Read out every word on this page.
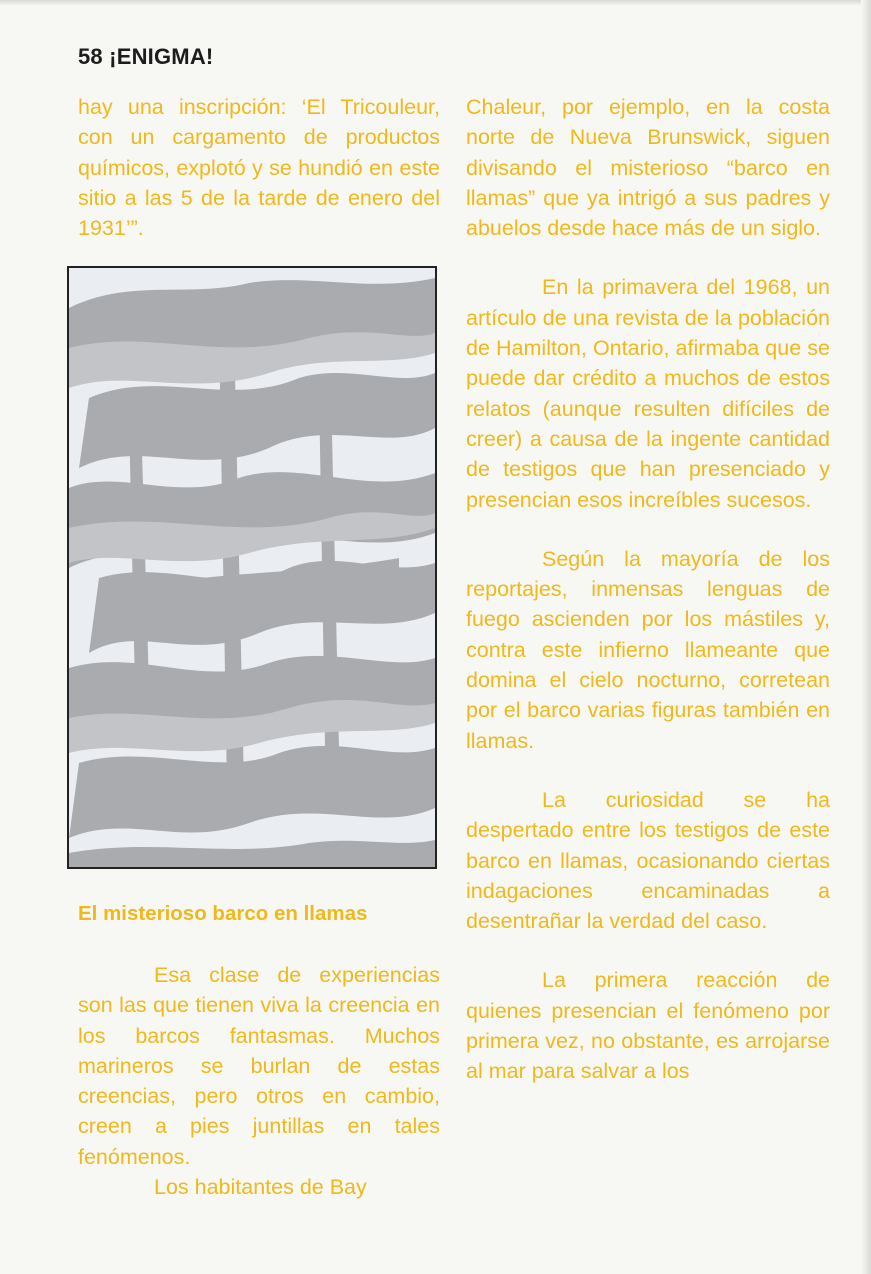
58 ¡ENIGMA!

hay una inscripción: ‘El Tricouleur, con un cargamento de productos químicos, explotó y se hundió en este sitio a las 5 de la tarde de enero del 1931’”.

El misterioso barco en llamas

Esa clase de experiencias son las que tienen viva la creencia en los barcos fantasmas. Muchos marineros se burlan de estas creencias, pero otros en cambio, creen a pies juntillas en tales fenómenos.

Los habitantes de Bay

Chaleur, por ejemplo, en la costa norte de Nueva Brunswick, siguen divisando el misterioso “barco en llamas” que ya intrigó a sus padres y abuelos desde hace más de un siglo.

En la primavera del 1968, un artículo de una revista de la población de Hamilton, Ontario, afirmaba que se puede dar crédito a muchos de estos relatos (aunque resulten difíciles de creer) a causa de la ingente cantidad de testigos que han presenciado y presencian esos increíbles sucesos.

Según la mayoría de los reportajes, inmensas lenguas de fuego ascienden por los mástiles y, contra este infierno llameante que domina el cielo nocturno, corretean por el barco varias figuras también en llamas.

La curiosidad se ha despertado entre los testigos de este barco en llamas, ocasionando ciertas indagaciones encaminadas a desentrañar la verdad del caso.

La primera reacción de quienes presencian el fenómeno por primera vez, no obstante, es arrojarse al mar para salvar a los
